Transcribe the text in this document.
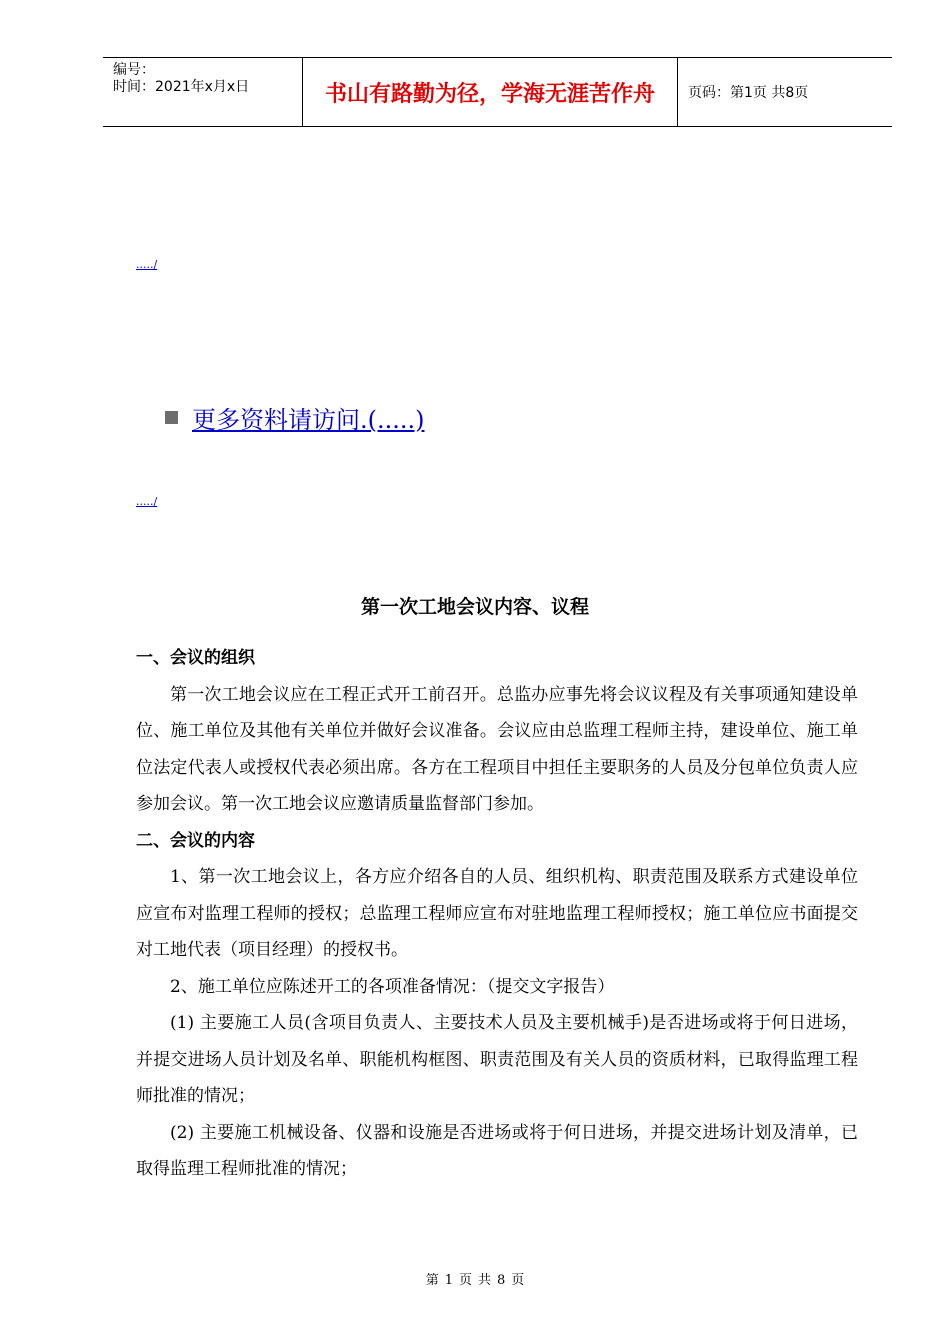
编号：
时间：2021年x月x日	书山有路勤为径，学海无涯苦作舟	页码：第1页 共8页
...../
更多资料请访问.(.....)
...../
第一次工地会议内容、议程
一、会议的组织
第一次工地会议应在工程正式开工前召开。总监办应事先将会议议程及有关事项通知建设单位、施工单位及其他有关单位并做好会议准备。会议应由总监理工程师主持，建设单位、施工单位法定代表人或授权代表必须出席。各方在工程项目中担任主要职务的人员及分包单位负责人应参加会议。第一次工地会议应邀请质量监督部门参加。
二、会议的内容
1、第一次工地会议上，各方应介绍各自的人员、组织机构、职责范围及联系方式建设单位应宣布对监理工程师的授权；总监理工程师应宣布对驻地监理工程师授权；施工单位应书面提交对工地代表（项目经理）的授权书。
2、施工单位应陈述开工的各项准备情况：（提交文字报告）
(1) 主要施工人员(含项目负责人、主要技术人员及主要机械手)是否进场或将于何日进场，并提交进场人员计划及名单、职能机构框图、职责范围及有关人员的资质材料，已取得监理工程师批准的情况；
(2) 主要施工机械设备、仪器和设施是否进场或将于何日进场，并提交进场计划及清单，已取得监理工程师批准的情况；
第 1 页 共 8 页
